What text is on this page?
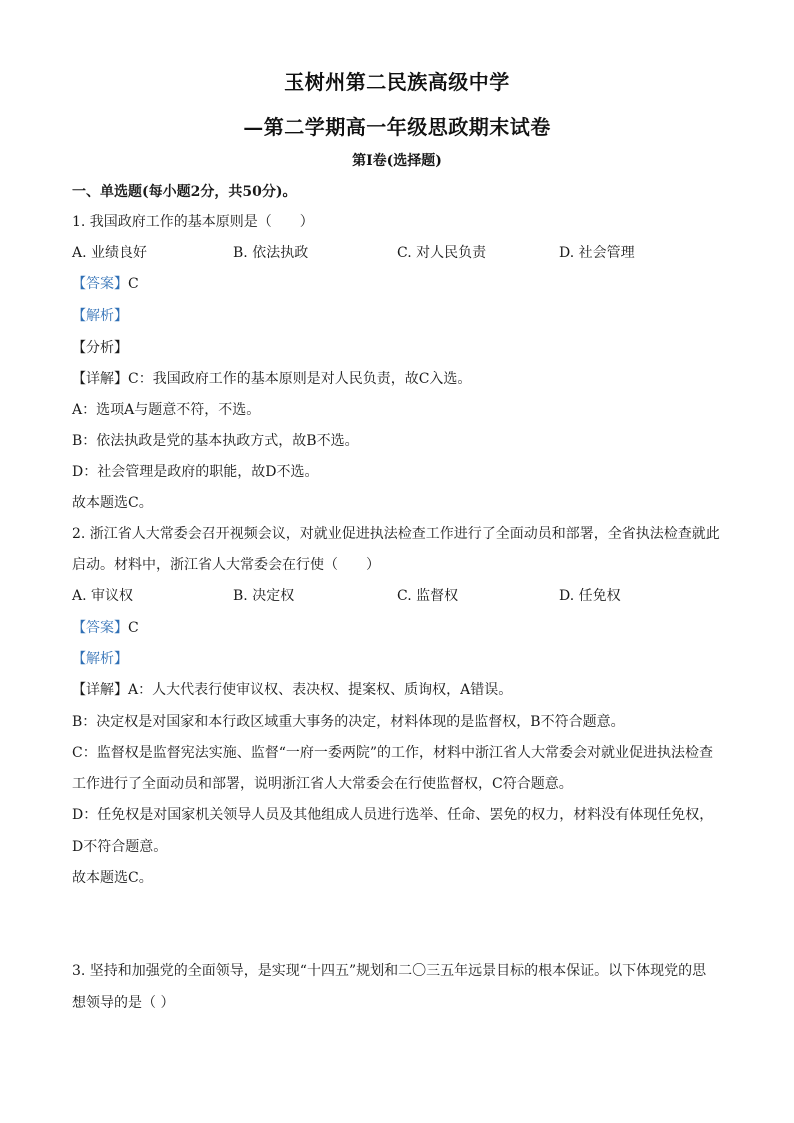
玉树州第二民族高级中学
—第二学期高一年级思政期末试卷
第Ⅰ卷(选择题)
一、单选题(每小题2分，共50分)。
1. 我国政府工作的基本原则是（　　）
A. 业绩良好	B. 依法执政	C. 对人民负责	D. 社会管理
【答案】C
【解析】
【分析】
【详解】C：我国政府工作的基本原则是对人民负责，故C入选。
A：选项A与题意不符，不选。
B：依法执政是党的基本执政方式，故B不选。
D：社会管理是政府的职能，故D不选。
故本题选C。
2. 浙江省人大常委会召开视频会议，对就业促进执法检查工作进行了全面动员和部署，全省执法检查就此
启动。材料中，浙江省人大常委会在行使（　　）
A. 审议权	B. 决定权	C. 监督权	D. 任免权
【答案】C
【解析】
【详解】A：人大代表行使审议权、表决权、提案权、质询权，A错误。
B：决定权是对国家和本行政区域重大事务的决定，材料体现的是监督权，B不符合题意。
C：监督权是监督宪法实施、监督“一府一委两院”的工作，材料中浙江省人大常委会对就业促进执法检查
工作进行了全面动员和部署，说明浙江省人大常委会在行使监督权，C符合题意。
D：任免权是对国家机关领导人员及其他组成人员进行选举、任命、罢免的权力，材料没有体现任免权，
D不符合题意。
故本题选C。
3. 坚持和加强党的全面领导，是实现“十四五”规划和二〇三五年远景目标的根本保证。以下体现党的思
想领导的是（ ）
